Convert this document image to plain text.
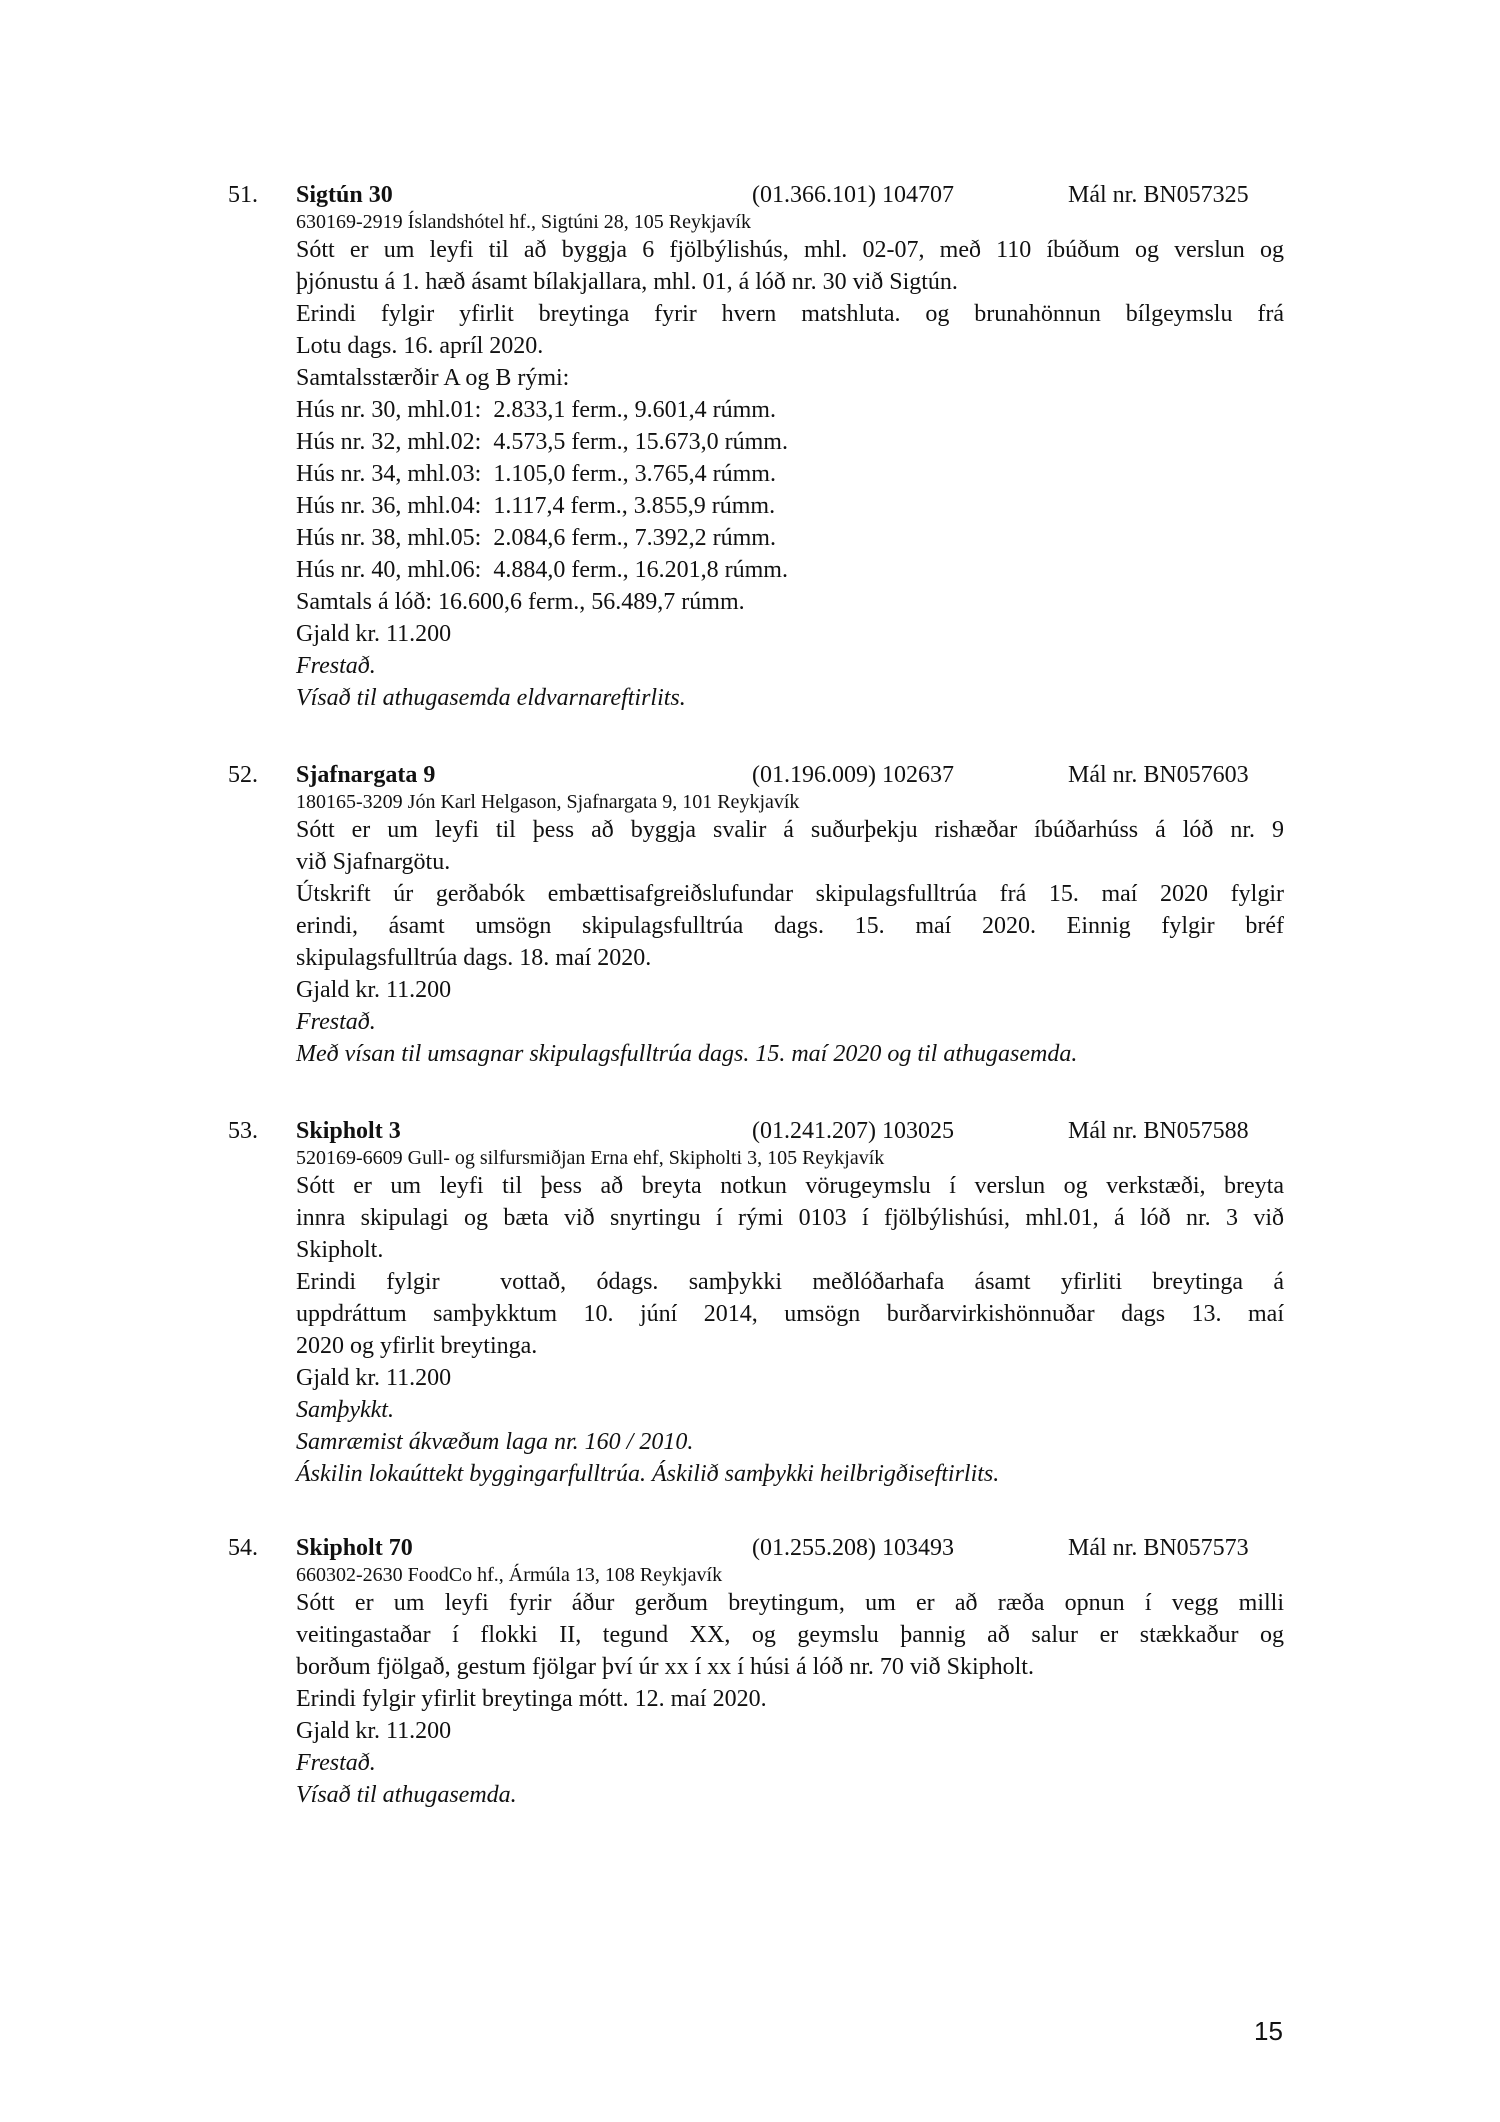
51. Sigtún 30	(01.366.101) 104707	Mál nr. BN057325
630169-2919 Íslandshótel hf., Sigtúni 28, 105 Reykjavík
Sótt er um leyfi til að byggja 6 fjölbýlishús, mhl. 02-07, með 110 íbúðum og verslun og
þjónustu á 1. hæð ásamt bílakjallara, mhl. 01, á lóð nr. 30 við Sigtún.
Erindi fylgir yfirlit breytinga fyrir hvern matshluta. og brunahönnun bílgeymslu frá
Lotu dags. 16. apríl 2020.
Samtalsstærðir A og B rými:
Hús nr. 30, mhl.01:  2.833,1 ferm., 9.601,4 rúmm.
Hús nr. 32, mhl.02:  4.573,5 ferm., 15.673,0 rúmm.
Hús nr. 34, mhl.03:  1.105,0 ferm., 3.765,4 rúmm.
Hús nr. 36, mhl.04:  1.117,4 ferm., 3.855,9 rúmm.
Hús nr. 38, mhl.05:  2.084,6 ferm., 7.392,2 rúmm.
Hús nr. 40, mhl.06:  4.884,0 ferm., 16.201,8 rúmm.
Samtals á lóð: 16.600,6 ferm., 56.489,7 rúmm.
Gjald kr. 11.200
Frestað.
Vísað til athugasemda eldvarnareftirlits.
52. Sjafnargata 9	(01.196.009) 102637	Mál nr. BN057603
180165-3209 Jón Karl Helgason, Sjafnargata 9, 101 Reykjavík
Sótt er um leyfi til þess að byggja svalir á suðurþekju rishæðar íbúðarhúss á lóð nr. 9
við Sjafnargötu.
Útskrift úr gerðabók embættisafgreiðslufundar skipulagsfulltrúa frá 15. maí 2020 fylgir
erindi, ásamt umsögn skipulagsfulltrúa dags. 15. maí 2020. Einnig fylgir bréf
skipulagsfulltrúa dags. 18. maí 2020.
Gjald kr. 11.200
Frestað.
Með vísan til umsagnar skipulagsfulltrúa dags. 15. maí 2020 og til athugasemda.
53. Skipholt 3	(01.241.207) 103025	Mál nr. BN057588
520169-6609 Gull- og silfursmiðjan Erna ehf, Skipholti 3, 105 Reykjavík
Sótt er um leyfi til þess að breyta notkun vörugeymslu í verslun og verkstæði, breyta
innra skipulagi og bæta við snyrtingu í rými 0103 í fjölbýlishúsi, mhl.01, á lóð nr. 3 við
Skipholt.
Erindi fylgir  vottað, ódags. samþykki meðlóðarhafa ásamt yfirliti breytinga á
uppdráttum samþykktum 10. júní 2014, umsögn burðarvirkishönnuðar dags 13. maí
2020 og yfirlit breytinga.
Gjald kr. 11.200
Samþykkt.
Samræmist ákvæðum laga nr. 160 / 2010.
Áskilin lokaúttekt byggingarfulltrúa. Áskilið samþykki heilbrigðiseftirlits.
54. Skipholt 70	(01.255.208) 103493	Mál nr. BN057573
660302-2630 FoodCo hf., Ármúla 13, 108 Reykjavík
Sótt er um leyfi fyrir áður gerðum breytingum, um er að ræða opnun í vegg milli
veitingastaðar í flokki II, tegund XX, og geymslu þannig að salur er stækkaður og
borðum fjölgað, gestum fjölgar því úr xx í xx í húsi á lóð nr. 70 við Skipholt.
Erindi fylgir yfirlit breytinga mótt. 12. maí 2020.
Gjald kr. 11.200
Frestað.
Vísað til athugasemda.
15
